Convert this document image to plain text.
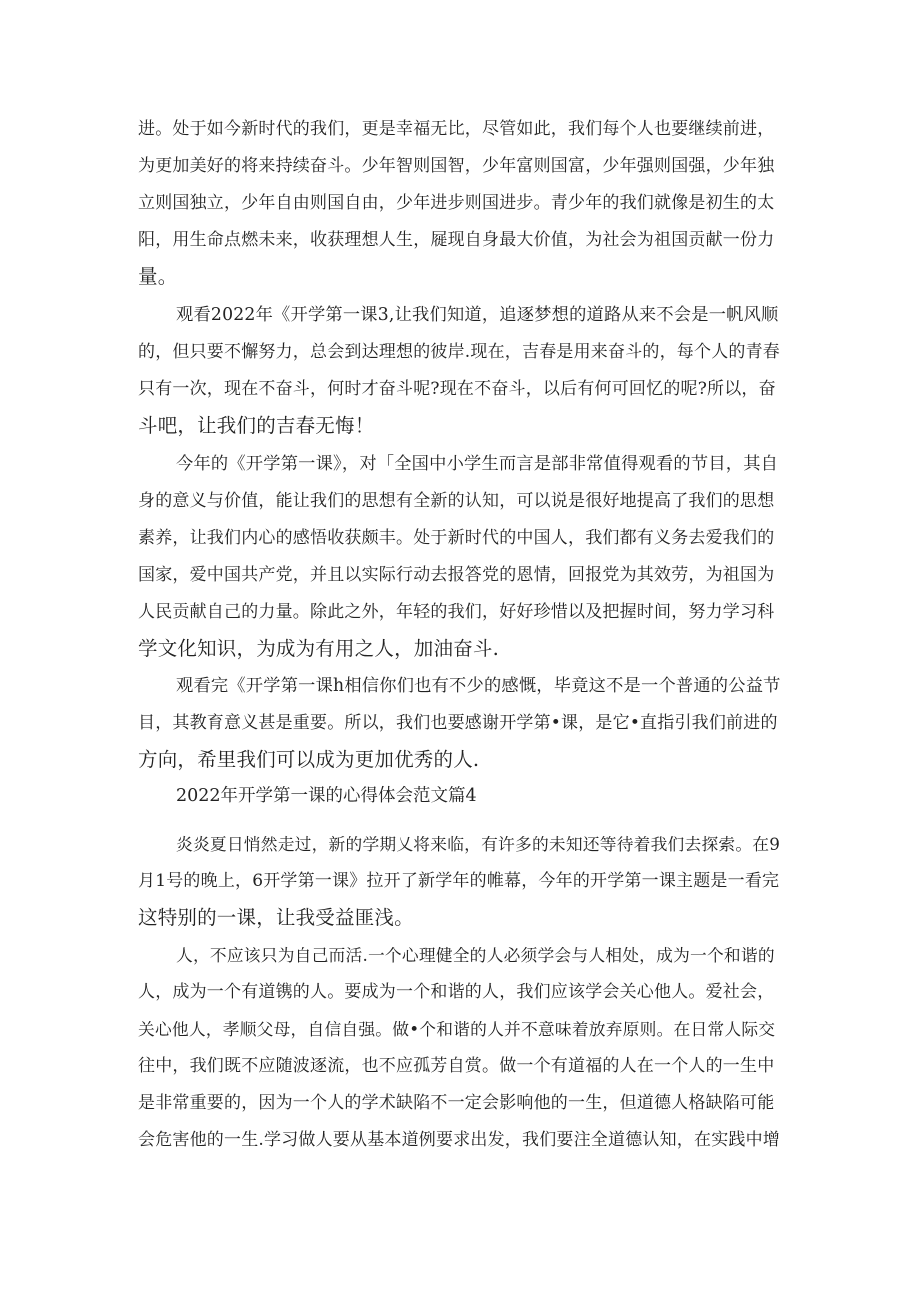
进。处于如今新时代的我们，更是幸福无比，尽管如此，我们每个人也要继续前进，
为更加美好的将来持续奋斗。少年智则国智，少年富则国富，少年强则国强，少年独
立则国独立，少年自由则国自由，少年进步则国进步。青少年的我们就像是初生的太
阳，用生命点燃未来，收获理想人生，屣现自身最大价值，为社会为祖国贡献一份力
量。
观看2022年《开学第一课3,让我们知道，追逐梦想的道路从来不会是一帆风顺
的，但只要不懈努力，总会到达理想的彼岸.现在，吉春是用来奋斗的，每个人的青春
只有一次，现在不奋斗，何时才奋斗呢?现在不奋斗，以后有何可回忆的呢?所以，奋
斗吧，让我们的吉春无悔！
今年的《开学第一课》，对「全国中小学生而言是部非常值得观看的节目，其自
身的意义与价值，能让我们的思想有全新的认知，可以说是很好地提高了我们的思想
素养，让我们内心的感悟收获颇丰。处于新时代的中国人，我们都有义务去爱我们的
国家，爱中国共产党，并且以实际行动去报答党的恩情，回报党为其效劳，为祖国为
人民贡献自己的力量。除此之外，年轻的我们，好好珍惜以及把握时间，努力学习科
学文化知识，为成为有用之人，加油奋斗.
观看完《开学第一课h相信你们也有不少的感慨，毕竟这不是一个普通的公益节
目，其教育意义甚是重要。所以，我们也要感谢开学第•课，是它•直指引我们前进的
方向，希里我们可以成为更加优秀的人.
2022年开学第一课的心得体会范文篇4
炎炎夏日悄然走过，新的学期乂将来临，有许多的未知还等待着我们去探索。在9
月1号的晚上，6开学第一课》拉开了新学年的帷幕，今年的开学第一课主题是一看完
这特别的一课，让我受益匪浅。
人，不应该只为自己而活.一个心理健全的人必须学会与人相处，成为一个和谐的
人，成为一个有道镌的人。要成为一个和谐的人，我们应该学会关心他人。爱社会，
关心他人，孝顺父母，自信自强。做•个和谐的人并不意味着放弃原则。在日常人际交
往中，我们既不应随波逐流，也不应孤芳自赏。做一个有道福的人在一个人的一生中
是非常重要的，因为一个人的学术缺陷不一定会影响他的一生，但道德人格缺陷可能
会危害他的一生.学习做人要从基本道例要求出发，我们要注全道德认知，在实践中增
